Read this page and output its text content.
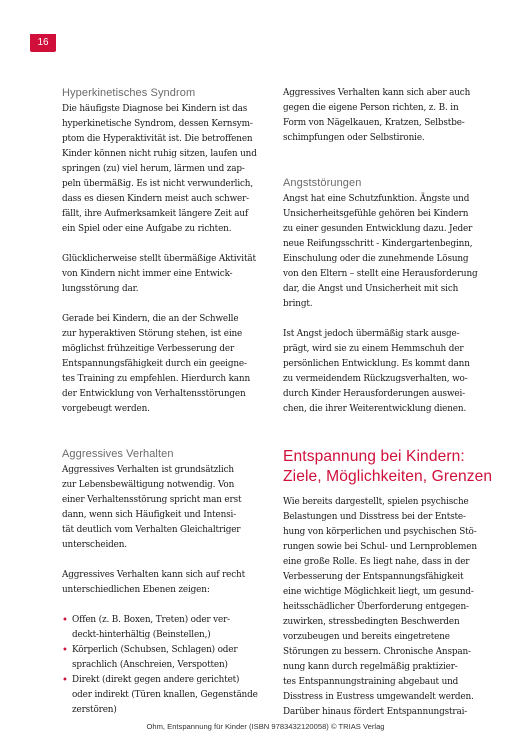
16
Hyperkinetisches Syndrom
Die häufigste Diagnose bei Kindern ist das
hyperkinetische Syndrom, dessen Kernsym-
ptom die Hyperaktivität ist. Die betroffenen
Kinder können nicht ruhig sitzen, laufen und
springen (zu) viel herum, lärmen und zap-
peln übermäßig. Es ist nicht verwunderlich,
dass es diesen Kindern meist auch schwer-
fällt, ihre Aufmerksamkeit längere Zeit auf
ein Spiel oder eine Aufgabe zu richten.
Glücklicherweise stellt übermäßige Aktivität
von Kindern nicht immer eine Entwick-
lungsstörung dar.
Gerade bei Kindern, die an der Schwelle
zur hyperaktiven Störung stehen, ist eine
möglichst frühzeitige Verbesserung der
Entspannungsfähigkeit durch ein geeigne-
tes Training zu empfehlen. Hierdurch kann
der Entwicklung von Verhaltensstörungen
vorgebeugt werden.
Aggressives Verhalten
Aggressives Verhalten ist grundsätzlich
zur Lebensbewältigung notwendig. Von
einer Verhaltensstörung spricht man erst
dann, wenn sich Häufigkeit und Intensi-
tät deutlich vom Verhalten Gleichaltriger
unterscheiden.
Aggressives Verhalten kann sich auf recht
unterschiedlichen Ebenen zeigen:
• Offen (z. B. Boxen, Treten) oder ver-
deckt-hinterhältig (Beinstellen,)
• Körperlich (Schubsen, Schlagen) oder
sprachlich (Anschreien, Verspotten)
• Direkt (direkt gegen andere gerichtet)
oder indirekt (Türen knallen, Gegenstände
zerstören)
Aggressives Verhalten kann sich aber auch
gegen die eigene Person richten, z. B. in
Form von Nägelkauen, Kratzen, Selbstbe-
schimpfungen oder Selbstironie.
Angststörungen
Angst hat eine Schutzfunktion. Ängste und
Unsicherheitsgefühle gehören bei Kindern
zu einer gesunden Entwicklung dazu. Jeder
neue Reifungsschritt - Kindergartenbeginn,
Einschulung oder die zunehmende Lösung
von den Eltern – stellt eine Herausforderung
dar, die Angst und Unsicherheit mit sich
bringt.
Ist Angst jedoch übermäßig stark ausge-
prägt, wird sie zu einem Hemmschuh der
persönlichen Entwicklung. Es kommt dann
zu vermeidendem Rückzugsverhalten, wo-
durch Kinder Herausforderungen auswei-
chen, die ihrer Weiterentwicklung dienen.
Entspannung bei Kindern:
Ziele, Möglichkeiten, Grenzen
Wie bereits dargestellt, spielen psychische
Belastungen und Disstress bei der Entste-
hung von körperlichen und psychischen Stö-
rungen sowie bei Schul- und Lernproblemen
eine große Rolle. Es liegt nahe, dass in der
Verbesserung der Entspannungsfähigkeit
eine wichtige Möglichkeit liegt, um gesund-
heitsschädlicher Überforderung entgegen-
zuwirken, stressbedingten Beschwerden
vorzubeugen und bereits eingetretene
Störungen zu bessern. Chronische Anspan-
nung kann durch regelmäßig praktizier-
tes Entspannungstraining abgebaut und
Disstress in Eustress umgewandelt werden.
Darüber hinaus fördert Entspannungstrai-
Ohm, Entspannung für Kinder (ISBN 9783432120058) © TRIAS Verlag
